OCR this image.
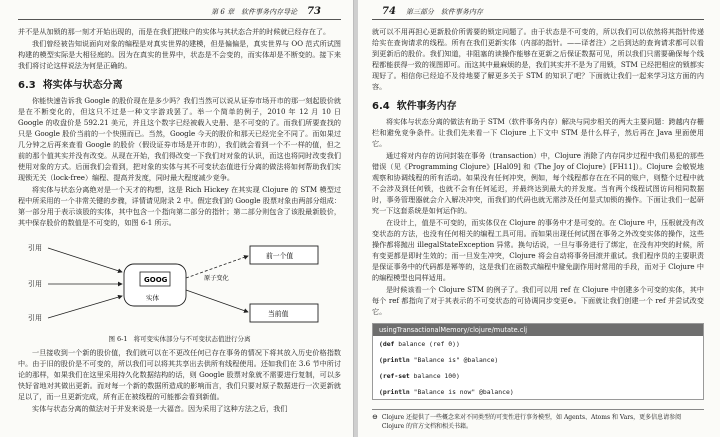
第 6 章　软件事务内存导论 73

并不是从加锁的那一刻才开始出现的，而是在我们把账户的实体与其状态合并的时候就已经存在了。

我们曾经被告知说面向对象的编程是对真实世界的建模，但是偏偏是，真实世界与 OO 范式所试图构建的模型实际是大相径庭的。因为在真实的世界中，状态是不会变的，而实体却是不断变的。接下来我们将讨论这样说法为何是正确的。

6.3 将实体与状态分离

你能快速告诉我 Google 的股价现在是多少吗？我们当然可以说从证券市场开市的那一刻起股价就是在不断变化的，但这只不过是一种文字游戏罢了。举一个简单的例子，2010 年 12 月 10 日 Google 的收盘价是 592.21 美元，并且这个数字已经被载入史册、是不可变的了。而我们所要查找的只是 Google 股价当前的一个快照而已。当然，Google 今天的股价和那天已经完全不同了。而如果过几分钟之后再来查看 Google 的股价（假设证券市场是开市的），我们就会看到一个不一样的值，但之前的那个值其实并没有改变。从现在开始，我们得改变一下我们对对象的认识，而这也将同时改变我们使用对象的方式。后面我们会看到，把对象的实体与其不可变状态值进行分离的做法将如何帮助我们实现锁无关（lock-free）编程、提高并发度，同时最大程度减少竞争。

将实体与状态分离绝对是一个天才的构想，这是 Rich Hickey 在其实现 Clojure 的 STM 模型过程中所采用的一个非常关键的步骤，详情请见附录 2 中。假定我们的 Google 股票对象由两部分组成：第一部分用于表示该股的实体，其中包含一个指向第二部分的指针；第二部分则包含了该股最新股价，其中保存股价的数值是不可变的，如图 6-1 所示。

引用
引用
引用
GOOG
实体
前一个值
当前值
原子变化
图 6-1 将可变实体部分与不可变状态值进行分离

一旦接收到一个新的股价值，我们就可以在不更改任何已存在事务的情况下将其放入历史价格指数中。由于旧的股价是不可变的，所以我们可以将其共享出去供所有线程使用。还如我们在 3.6 节中所讨论的那样，如果我们在这里采用持久化数据结构的话，则 Google 股票对象就不需要进行复制，可以多快好省地对其做出更新。而对每一个新的数据所造成的影响而言，我们只要对原子数据进行一次更新就足以了，而一旦更新完成，所有正在被线程的可能都会看到新值。

实体与状态分离的做法对于并发来说是一大福音。因为采用了这种方法之后，我们

74 第三部分　软件事务内存

就可以不用再担心更新股价所需要的锁定问题了。由于状态是不可变的，所以我们可以依然将其指针传递给实在查询请求的线程。所有在我们更新实体（内部的指针。——译者注）之后到达的查询请求都可以看到更新后的股价。我们知道，非阻塞的读操作能够在更新之后保证数据可见，所以我们只需要确保每个线程都能获得一致的视图即可。而这其中最麻烦的是，我们其实并不是为了用锁，STM 已经把相应的锁都实现好了。相信你已经迫不及待地要了解更多关于 STM 的知识了吧？下面就让我们一起来学习这方面的内容。

6.4 软件事务内存

将实体与状态分离的做法有助于 STM（软件事务内存）解决与同步相关的两大主要问题：跨越内存栅栏和避免竞争条件。让我们先来看一下 Clojure 上下文中 STM 是什么样子，然后再在 Java 里面使用它。

通过将对内存的访问封装在事务（transaction）中，Clojure 消除了内存同步过程中我们易犯的那些错误（见《Programming Clojure》[Hal09] 和《The Joy of Clojure》[FH11]）。Clojure 会敏锐地观察和协调线程的所有活动。如果没有任何冲突，例如，每个线程都存在在不同的账户，则整个过程中就不会涉及到任何锁，也就不会有任何延迟，并最终达到最大的并发度。当有两个线程试图访问相同数据时，事务管理器就会介入解决冲突，而我们的代码也就无需涉及任何显式加锁的操作。下面让我们一起研究一下这套系统是如何运作的。

在设计上，值是不可变的，而实体仅在 Clojure 的事务中才是可变的。在 Clojure 中，压根就没有改变状态的方法，也没有任何相关的编程工具可用。而如果出现任何试图在事务之外改变实体的操作，这些操作都将抛出 illegalStateException 异常。换句话说，一旦与事务进行了绑定，在没有冲突的时候，所有变更都是即时生效的；而一旦发生冲突，Clojure 将会自动将事务回滚并重试。我们程序员的主要职责是保证事务中的代码都是幂等的，这是我们在函数式编程中避免副作用时常用的手段，而对于 Clojure 中的编程模型也同样适用。

是时候该看一个 Clojure STM 的例子了。我们可以用 ref 在 Clojure 中创建多个可变的实体，其中每个 ref 都指向了对于其表示的不可变状态的可协调同步变更⊖。下面就让我们创建一个 ref 并尝试改变它。

usingTransactionalMemory/clojure/mutate.clj
(def balance (ref 0))
(println "Balance is" @balance)
(ref-set balance 100)
(println "Balance is now" @balance)
⊖ Clojure 还提供了一些概念来对不同类型的可变性进行事务模型，如 Agents、Atoms 和 Vars，更多信息请参阅 Clojure 的官方文档和相关书籍。
